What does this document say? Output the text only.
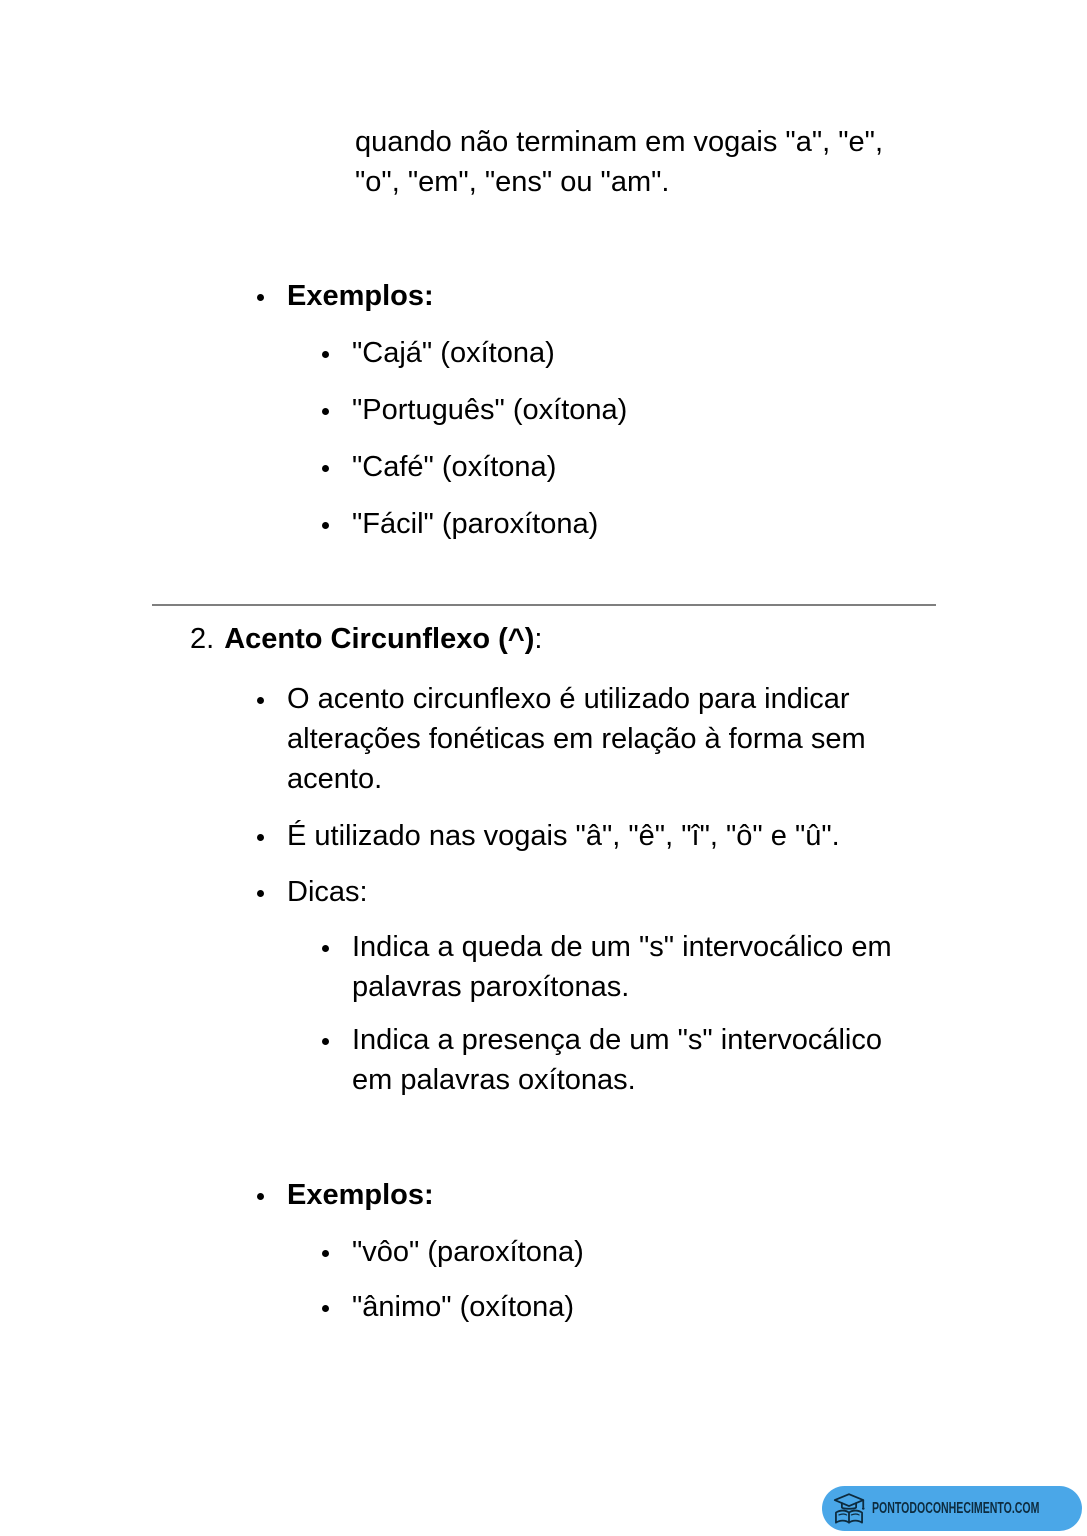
quando não terminam em vogais "a", "e", "o", "em", "ens" ou "am".
Exemplos:
"Cajá" (oxítona)
"Português" (oxítona)
"Café" (oxítona)
"Fácil" (paroxítona)
2. Acento Circunflexo (^):
O acento circunflexo é utilizado para indicar alterações fonéticas em relação à forma sem acento.
É utilizado nas vogais "â", "ê", "î", "ô" e "û".
Dicas:
Indica a queda de um "s" intervocálico em palavras paroxítonas.
Indica a presença de um "s" intervocálico em palavras oxítonas.
Exemplos:
"vôo" (paroxítona)
"ânimo" (oxítona)
PONTODOCONHECIMENTO.COM
